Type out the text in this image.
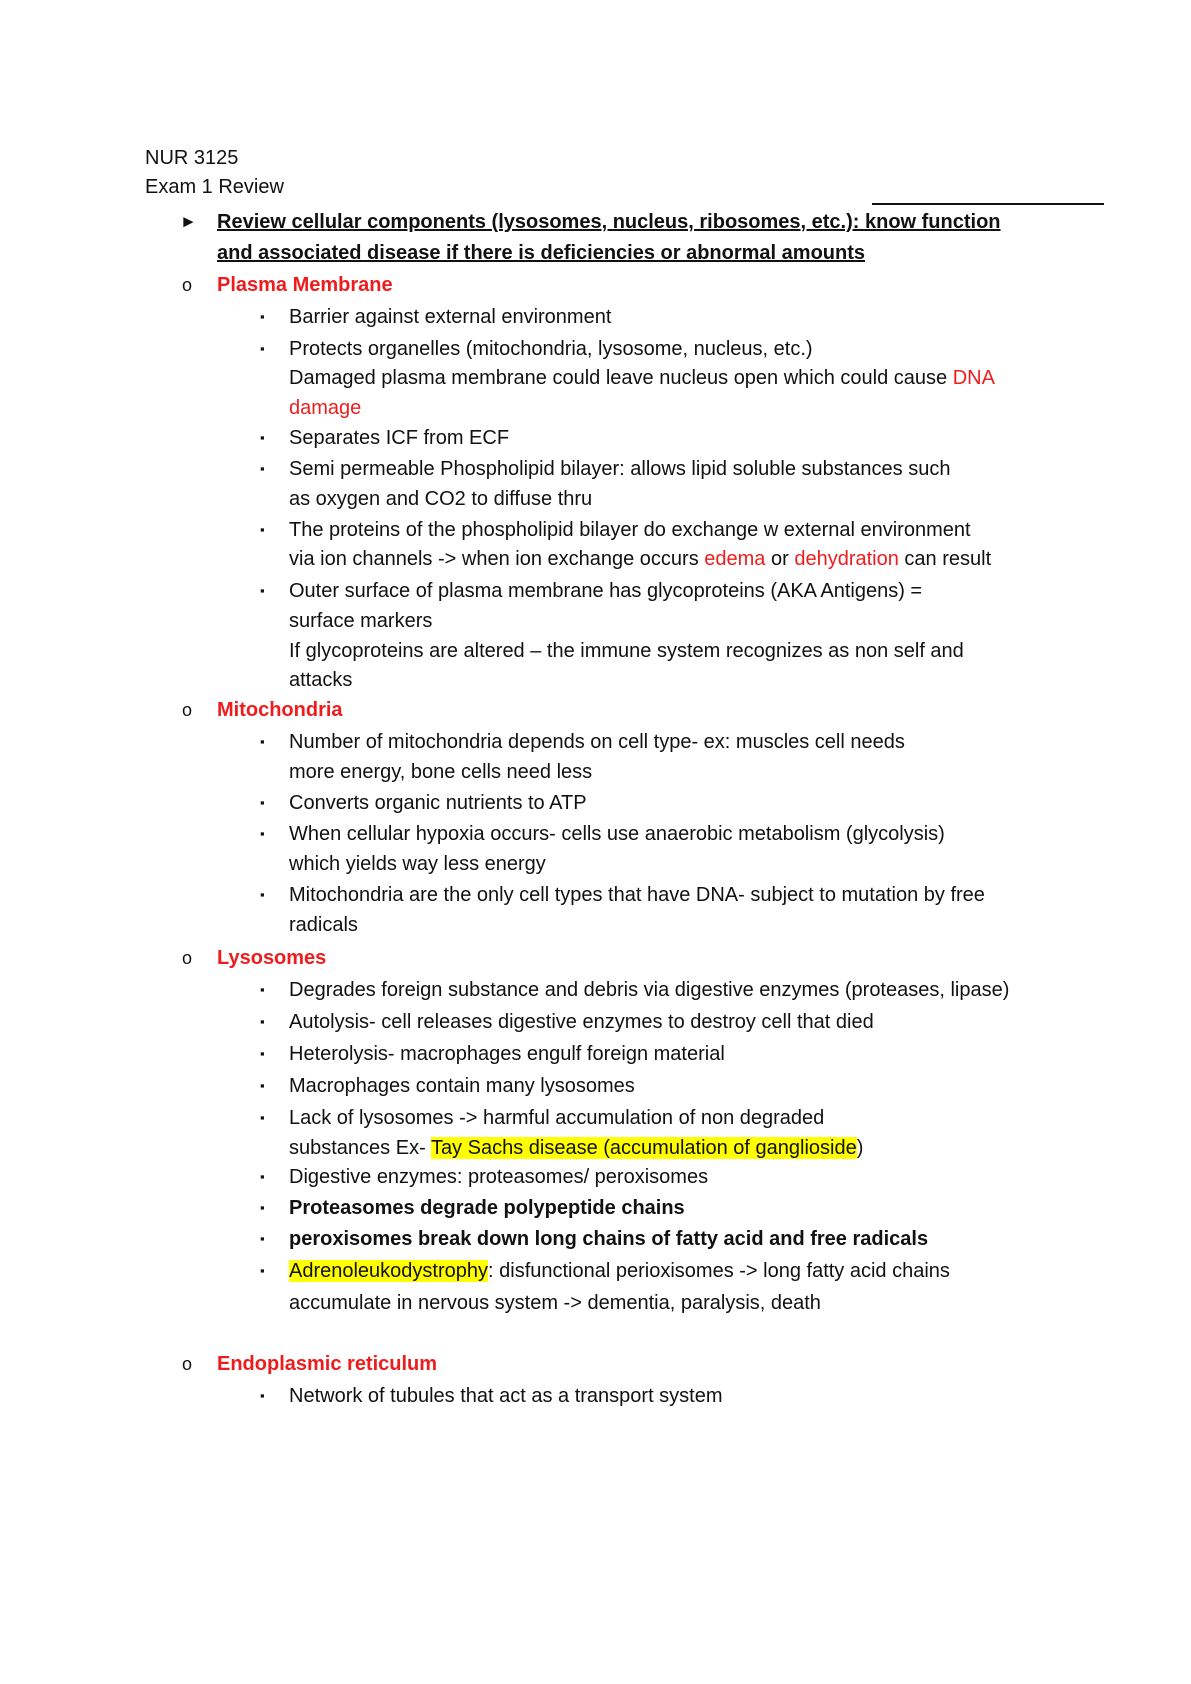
NUR 3125
Exam 1 Review
► Review cellular components (lysosomes, nucleus, ribosomes, etc.): know function
and associated disease if there is deficiencies or abnormal amounts
o Plasma Membrane
▪ Barrier against external environment
▪ Protects organelles (mitochondria, lysosome, nucleus, etc.)
Damaged plasma membrane could leave nucleus open which could cause DNA
damage
▪ Separates ICF from ECF
▪ Semi permeable Phospholipid bilayer: allows lipid soluble substances such
as oxygen and CO2 to diffuse thru
▪ The proteins of the phospholipid bilayer do exchange w external environment
via ion channels -> when ion exchange occurs edema or dehydration can result
▪ Outer surface of plasma membrane has glycoproteins (AKA Antigens) =
surface markers
If glycoproteins are altered – the immune system recognizes as non self and
attacks
o Mitochondria
▪ Number of mitochondria depends on cell type- ex: muscles cell needs
more energy, bone cells need less
▪ Converts organic nutrients to ATP
▪ When cellular hypoxia occurs- cells use anaerobic metabolism (glycolysis)
which yields way less energy
▪ Mitochondria are the only cell types that have DNA- subject to mutation by free
radicals
o Lysosomes
▪ Degrades foreign substance and debris via digestive enzymes (proteases, lipase)
▪ Autolysis- cell releases digestive enzymes to destroy cell that died
▪ Heterolysis- macrophages engulf foreign material
▪ Macrophages contain many lysosomes
▪ Lack of lysosomes -> harmful accumulation of non degraded
substances Ex- Tay Sachs disease (accumulation of ganglioside)
▪ Digestive enzymes: proteasomes/ peroxisomes
▪ Proteasomes degrade polypeptide chains
▪ peroxisomes break down long chains of fatty acid and free radicals
▪ Adrenoleukodystrophy: disfunctional perioxisomes -> long fatty acid chains
accumulate in nervous system -> dementia, paralysis, death
o Endoplasmic reticulum
▪ Network of tubules that act as a transport system
